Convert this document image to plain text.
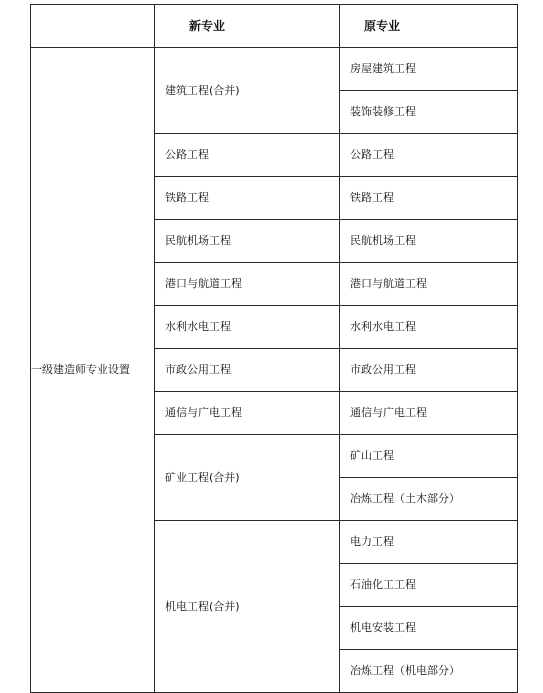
	新专业	原专业
一级建造师专业设置	建筑工程(合并)	房屋建筑工程
		装饰装修工程
	公路工程	公路工程
	铁路工程	铁路工程
	民航机场工程	民航机场工程
	港口与航道工程	港口与航道工程
	水利水电工程	水利水电工程
	市政公用工程	市政公用工程
	通信与广电工程	通信与广电工程
	矿业工程(合并)	矿山工程
		冶炼工程（土木部分）
	机电工程(合并)	电力工程
		石油化工工程
		机电安装工程
		冶炼工程（机电部分）
